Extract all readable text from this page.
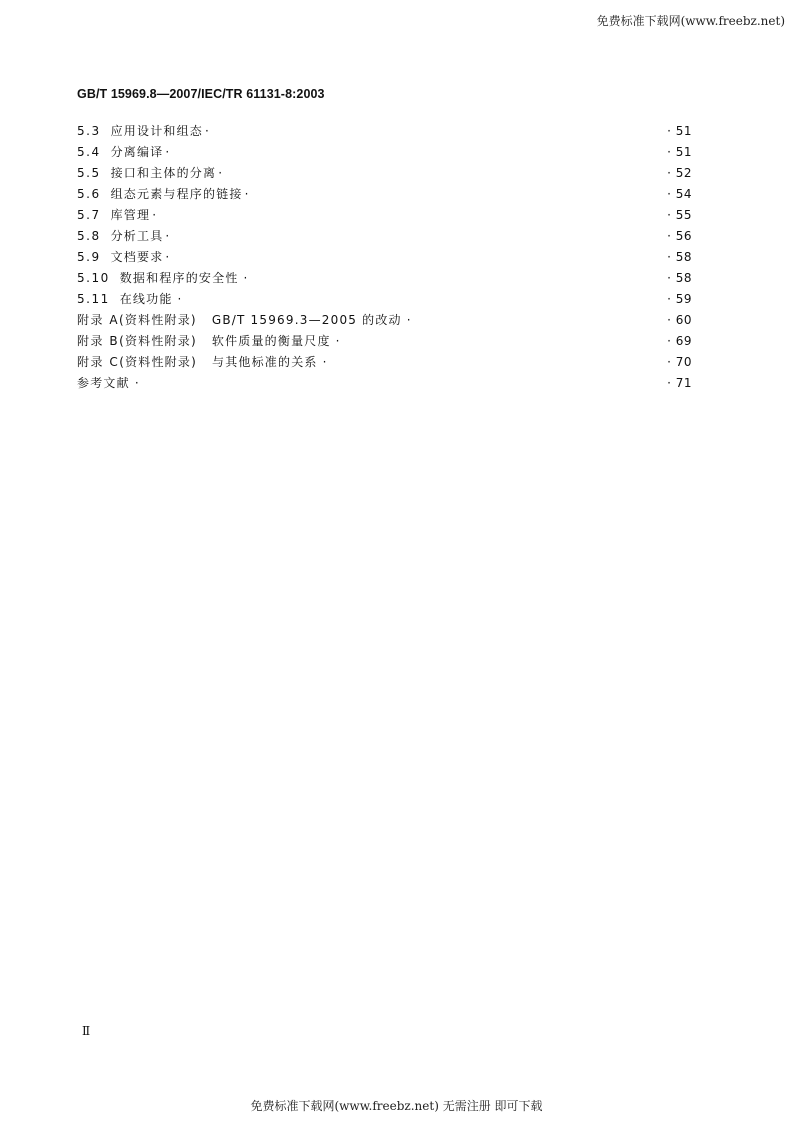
免费标准下载网(www.freebz.net)
GB/T 15969.8—2007/IEC/TR 61131-8:2003
5.3 应用设计和组态 ·	· 51
5.4 分离编译 ·	· 51
5.5 接口和主体的分离 ·	· 52
5.6 组态元素与程序的链接 ·	· 54
5.7 库管理 ·	· 55
5.8 分析工具 ·	· 56
5.9 文档要求 ·	· 58
5.10 数据和程序的安全性 ·	· 58
5.11 在线功能 ·	· 59
附录 A(资料性附录)   GB/T 15969.3—2005 的改动 ·	· 60
附录 B(资料性附录)   软件质量的衡量尺度 ·	· 69
附录 C(资料性附录)   与其他标准的关系 ·	· 70
参考文献 ·	· 71
Ⅱ
免费标准下载网(www.freebz.net) 无需注册 即可下载
